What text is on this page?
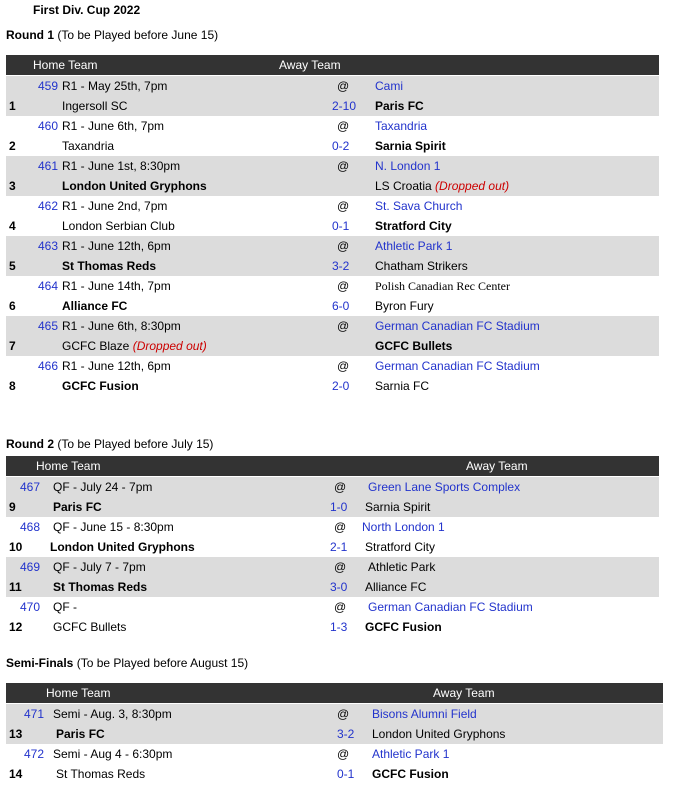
First Div. Cup 2022
Round 1 (To be Played before June 15)
Home Team	Away Team
459 R1 - May 25th, 7pm	@ Cami
1	Ingersoll SC	2-10 Paris FC
460 R1 - June 6th, 7pm	@ Taxandria
2	Taxandria	0-2 Sarnia Spirit
461 R1 - June 1st, 8:30pm	@ N. London 1
3	London United Gryphons	LS Croatia (Dropped out)
462 R1 - June 2nd, 7pm	@ St. Sava Church
4	London Serbian Club	0-1 Stratford City
463 R1 - June 12th, 6pm	@ Athletic Park 1
5	St Thomas Reds	3-2 Chatham Strikers
464 R1 - June 14th, 7pm	@ Polish Canadian Rec Center
6	Alliance FC	6-0 Byron Fury
465 R1 - June 6th, 8:30pm	@ German Canadian FC Stadium
7	GCFC Blaze (Dropped out)	GCFC Bullets
466 R1 - June 12th, 6pm	@ German Canadian FC Stadium
8	GCFC Fusion	2-0 Sarnia FC
Round 2 (To be Played before July 15)
Home Team	Away Team
467 QF - July 24 - 7pm	@ Green Lane Sports Complex
9	Paris FC	1-0 Sarnia Spirit
468 QF - June 15 - 8:30pm	@ North London 1
10 London United Gryphons	2-1 Stratford City
469 QF - July 7 - 7pm	@ Athletic Park
11	St Thomas Reds	3-0 Alliance FC
470 QF -	@ German Canadian FC Stadium
12	GCFC Bullets	1-3 GCFC Fusion
Semi-Finals (To be Played before August 15)
Home Team	Away Team
471 Semi - Aug. 3, 8:30pm	@ Bisons Alumni Field
13	Paris FC	3-2 London United Gryphons
472 Semi - Aug 4 - 6:30pm	@ Athletic Park 1
14	St Thomas Reds	0-1 GCFC Fusion
